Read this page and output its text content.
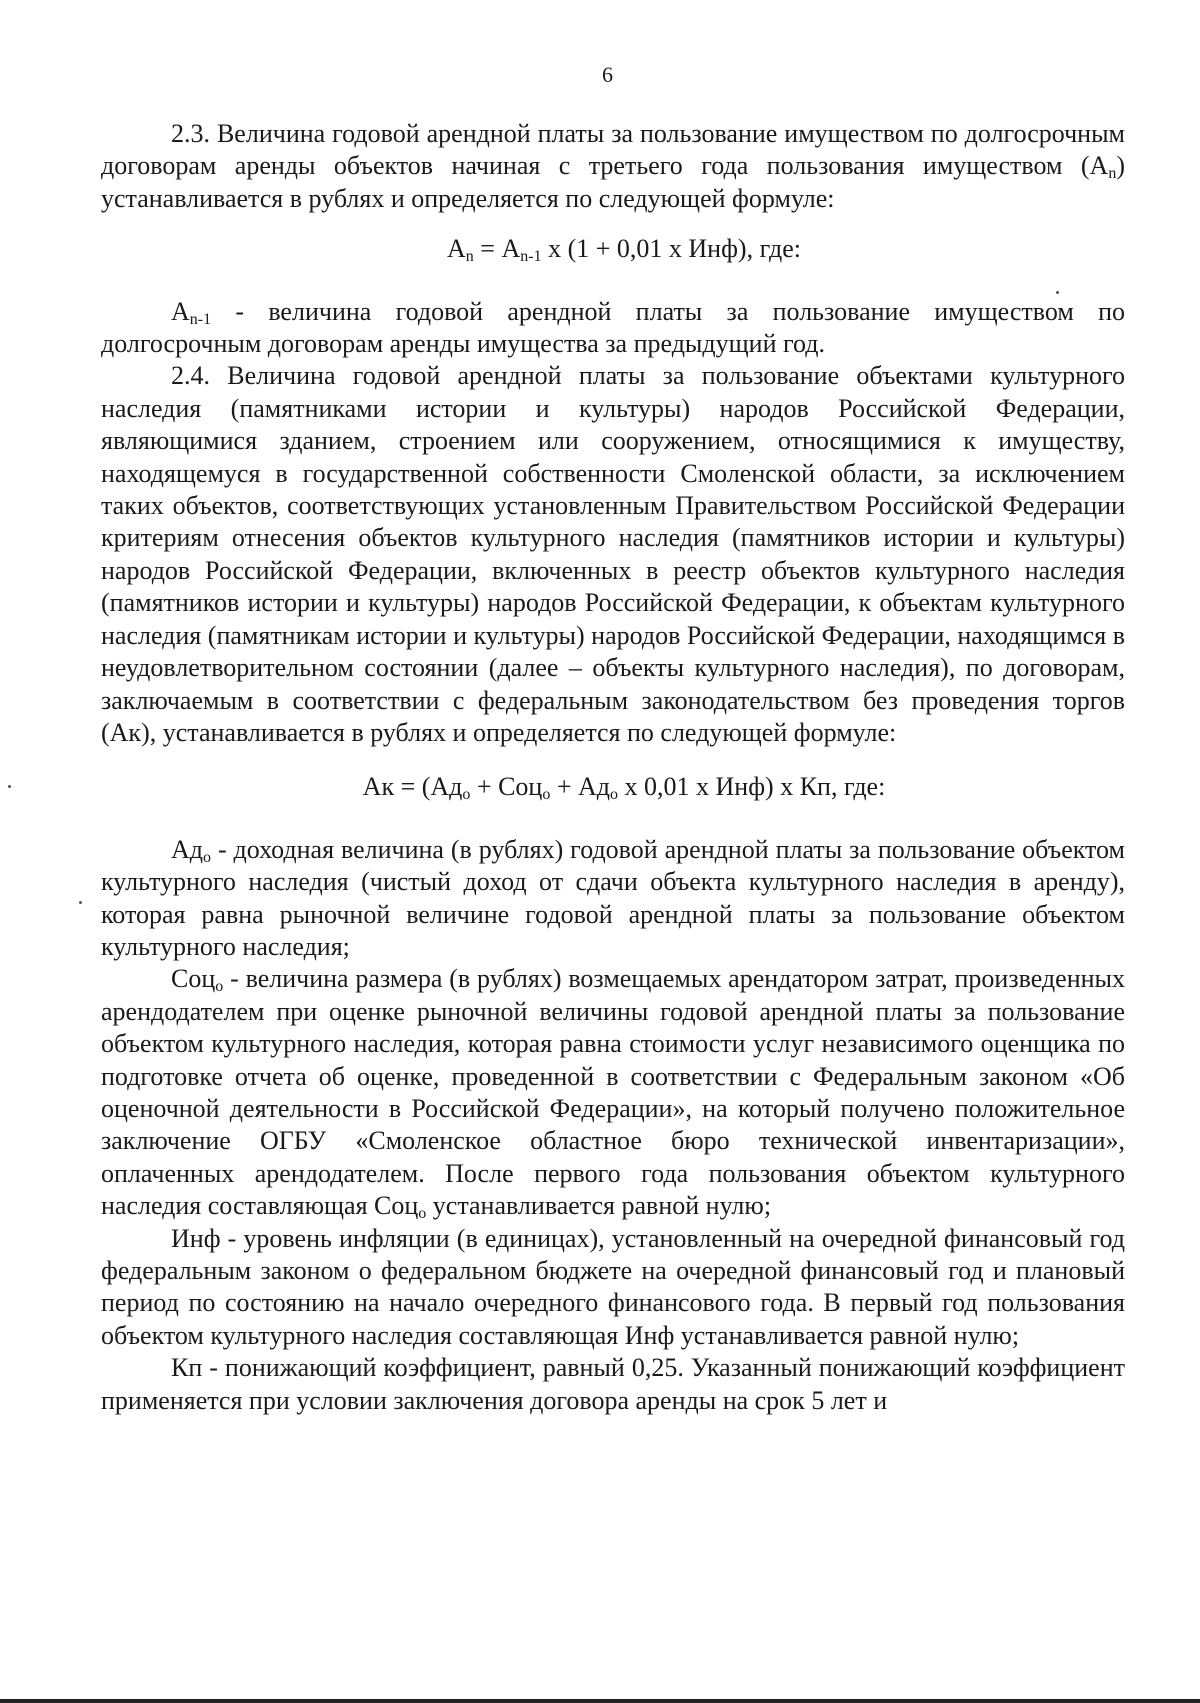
6

2.3. Величина годовой арендной платы за пользование имуществом по долгосрочным договорам аренды объектов начиная с третьего года пользования имуществом $(А_n)$ устанавливается в рублях и определяется по следующей формуле:

$А_n = А_{n-1}$ х (1 + 0,01 х Инф), где:

$А_{n-1}$ - величина годовой арендной платы за пользование имуществом по долгосрочным договорам аренды имущества за предыдущий год.

2.4. Величина годовой арендной платы за пользование объектами культурного наследия (памятниками истории и культуры) народов Российской Федерации, являющимися зданием, строением или сооружением, относящимися к имуществу, находящемуся в государственной собственности Смоленской области, за исключением таких объектов, соответствующих установленным Правительством Российской Федерации критериям отнесения объектов культурного наследия (памятников истории и культуры) народов Российской Федерации, включенных в реестр объектов культурного наследия (памятников истории и культуры) народов Российской Федерации, к объектам культурного наследия (памятникам истории и культуры) народов Российской Федерации, находящимся в неудовлетворительном состоянии (далее – объекты культурного наследия), по договорам, заключаемым в соответствии с федеральным законодательством без проведения торгов (Ак), устанавливается в рублях и определяется по следующей формуле:

Ак = ($Ад_о + Соц_о + Ад_о$ х 0,01 х Инф) х Кп, где:

$Ад_о$ - доходная величина (в рублях) годовой арендной платы за пользование объектом культурного наследия (чистый доход от сдачи объекта культурного наследия в аренду), которая равна рыночной величине годовой арендной платы за пользование объектом культурного наследия;

Соц$_о$ - величина размера (в рублях) возмещаемых арендатором затрат, произведенных арендодателем при оценке рыночной величины годовой арендной платы за пользование объектом культурного наследия, которая равна стоимости услуг независимого оценщика по подготовке отчета об оценке, проведенной в соответствии с Федеральным законом «Об оценочной деятельности в Российской Федерации», на который получено положительное заключение ОГБУ «Смоленское областное бюро технической инвентаризации», оплаченных арендодателем. После первого года пользования объектом культурного наследия составляющая Соц$_о$ устанавливается равной нулю;

Инф - уровень инфляции (в единицах), установленный на очередной финансовый год федеральным законом о федеральном бюджете на очередной финансовый год и плановый период по состоянию на начало очередного финансового года. В первый год пользования объектом культурного наследия составляющая Инф устанавливается равной нулю;

Кп - понижающий коэффициент, равный 0,25. Указанный понижающий коэффициент применяется при условии заключения договора аренды на срок 5 лет и
